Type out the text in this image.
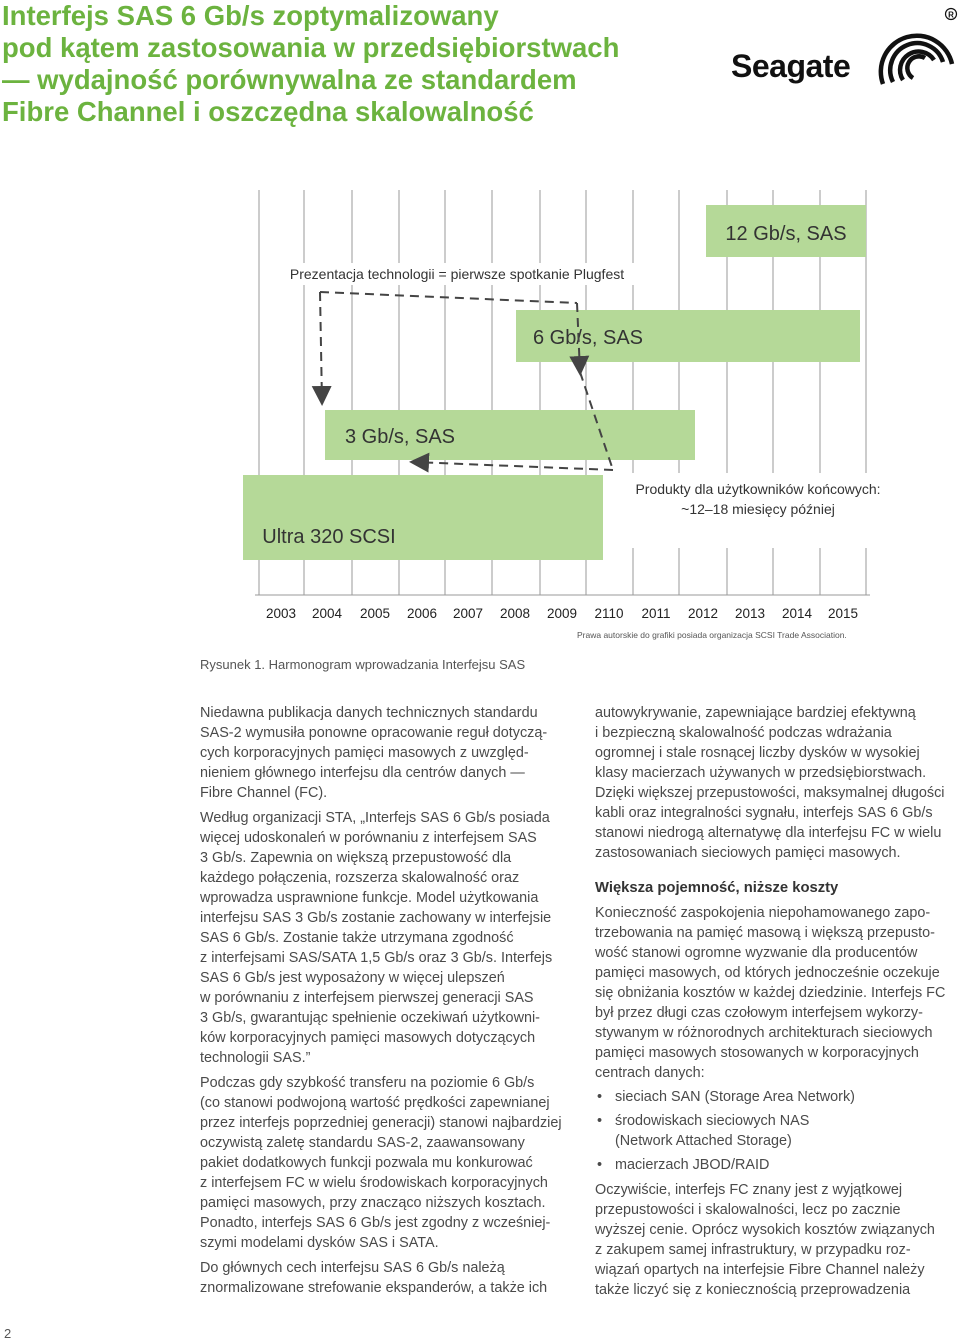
Interfejs SAS 6 Gb/s zoptymalizowany
pod kątem zastosowania w przedsiębiorstwach
— wydajność porównywalna ze standardem
Fibre Channel i oszczędna skalowalność
R
Seagate
12 Gb/s, SAS
6 Gb/s, SAS
3 Gb/s, SAS
Ultra 320 SCSI
Prezentacja technologii = pierwsze spotkanie Plugfest
Produkty dla użytkowników końcowych:
~12–18 miesięcy później
2003 2004 2005 2006 2007 2008 2009 2110 2011 2012 2013 2014 2015
Prawa autorskie do grafiki posiada organizacja SCSI Trade Association.
Rysunek 1. Harmonogram wprowadzania Interfejsu SAS

Niedawna publikacja danych technicznych standardu
SAS-2 wymusiła ponowne opracowanie reguł dotyczą-
cych korporacyjnych pamięci masowych z uwzględ-
nieniem głównego interfejsu dla centrów danych —
Fibre Channel (FC).

Według organizacji STA, „Interfejs SAS 6 Gb/s posiada
więcej udoskonaleń w porównaniu z interfejsem SAS
3 Gb/s. Zapewnia on większą przepustowość dla
każdego połączenia, rozszerza skalowalność oraz
wprowadza usprawnione funkcje. Model użytkowania
interfejsu SAS 3 Gb/s zostanie zachowany w interfejsie
SAS 6 Gb/s. Zostanie także utrzymana zgodność
z interfejsami SAS/SATA 1,5 Gb/s oraz 3 Gb/s. Interfejs
SAS 6 Gb/s jest wyposażony w więcej ulepszeń
w porównaniu z interfejsem pierwszej generacji SAS
3 Gb/s, gwarantując spełnienie oczekiwań użytkowni-
ków korporacyjnych pamięci masowych dotyczących
technologii SAS.”

Podczas gdy szybkość transferu na poziomie 6 Gb/s
(co stanowi podwojoną wartość prędkości zapewnianej
przez interfejs poprzedniej generacji) stanowi najbardziej
oczywistą zaletę standardu SAS-2, zaawansowany
pakiet dodatkowych funkcji pozwala mu konkurować
z interfejsem FC w wielu środowiskach korporacyjnych
pamięci masowych, przy znacząco niższych kosztach.
Ponadto, interfejs SAS 6 Gb/s jest zgodny z wcześniej-
szymi modelami dysków SAS i SATA.

Do głównych cech interfejsu SAS 6 Gb/s należą
znormalizowane strefowanie ekspanderów, a także ich

autowykrywanie, zapewniające bardziej efektywną
i bezpieczną skalowalność podczas wdrażania
ogromnej i stale rosnącej liczby dysków w wysokiej
klasy macierzach używanych w przedsiębiorstwach.
Dzięki większej przepustowości, maksymalnej długości
kabli oraz integralności sygnału, interfejs SAS 6 Gb/s
stanowi niedrogą alternatywę dla interfejsu FC w wielu
zastosowaniach sieciowych pamięci masowych.

Większa pojemność, niższe koszty

Konieczność zaspokojenia niepohamowanego zapo-
trzebowania na pamięć masową i większą przepusto-
wość stanowi ogromne wyzwanie dla producentów
pamięci masowych, od których jednocześnie oczekuje
się obniżania kosztów w każdej dziedzinie. Interfejs FC
był przez długi czas czołowym interfejsem wykorzy-
stywanym w różnorodnych architekturach sieciowych
pamięci masowych stosowanych w korporacyjnych
centrach danych:

• sieciach SAN (Storage Area Network)
• środowiskach sieciowych NAS
(Network Attached Storage)
• macierzach JBOD/RAID

Oczywiście, interfejs FC znany jest z wyjątkowej
przepustowości i skalowalności, lecz po zacznie
wyższej cenie. Oprócz wysokich kosztów związanych
z zakupem samej infrastruktury, w przypadku roz-
wiązań opartych na interfejsie Fibre Channel należy
także liczyć się z koniecznością przeprowadzenia

2
